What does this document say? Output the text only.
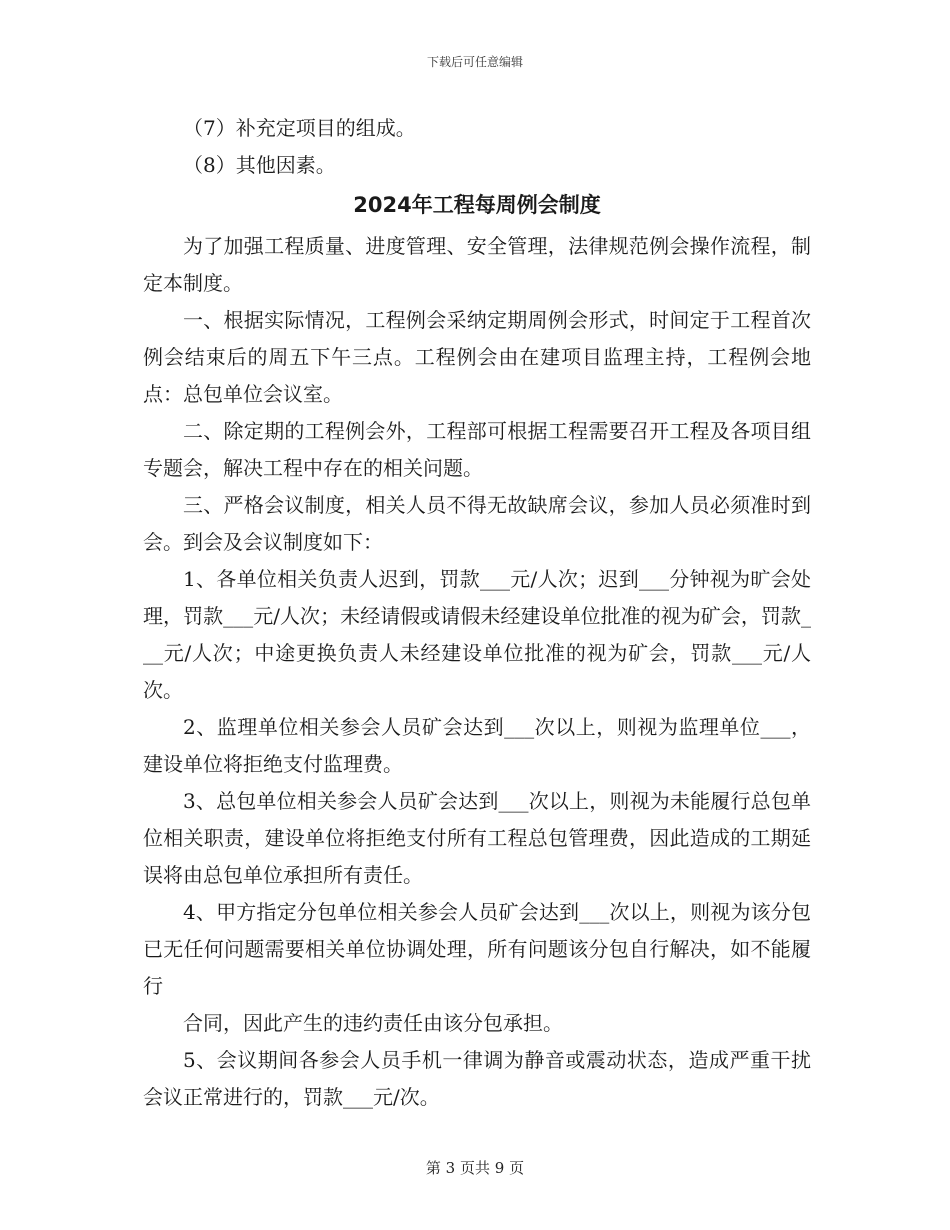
下载后可任意编辑

（7）补充定项目的组成。

（8）其他因素。

2024年工程每周例会制度

为了加强工程质量、进度管理、安全管理，法律规范例会操作流程，制定本制度。

一、根据实际情况，工程例会采纳定期周例会形式，时间定于工程首次例会结束后的周五下午三点。工程例会由在建项目监理主持，工程例会地点：总包单位会议室。

二、除定期的工程例会外，工程部可根据工程需要召开工程及各项目组专题会，解决工程中存在的相关问题。

三、严格会议制度，相关人员不得无故缺席会议，参加人员必须准时到会。到会及会议制度如下：

1、各单位相关负责人迟到，罚款___元/人次；迟到___分钟视为旷会处理，罚款___元/人次；未经请假或请假未经建设单位批准的视为矿会，罚款___元/人次；中途更换负责人未经建设单位批准的视为矿会，罚款___元/人次。

2、监理单位相关参会人员矿会达到___次以上，则视为监理单位___，建设单位将拒绝支付监理费。

3、总包单位相关参会人员矿会达到___次以上，则视为未能履行总包单位相关职责，建设单位将拒绝支付所有工程总包管理费，因此造成的工期延误将由总包单位承担所有责任。

4、甲方指定分包单位相关参会人员矿会达到___次以上，则视为该分包已无任何问题需要相关单位协调处理，所有问题该分包自行解决，如不能履行

合同，因此产生的违约责任由该分包承担。

5、会议期间各参会人员手机一律调为静音或震动状态，造成严重干扰会议正常进行的，罚款___元/次。

第 3 页共 9 页
